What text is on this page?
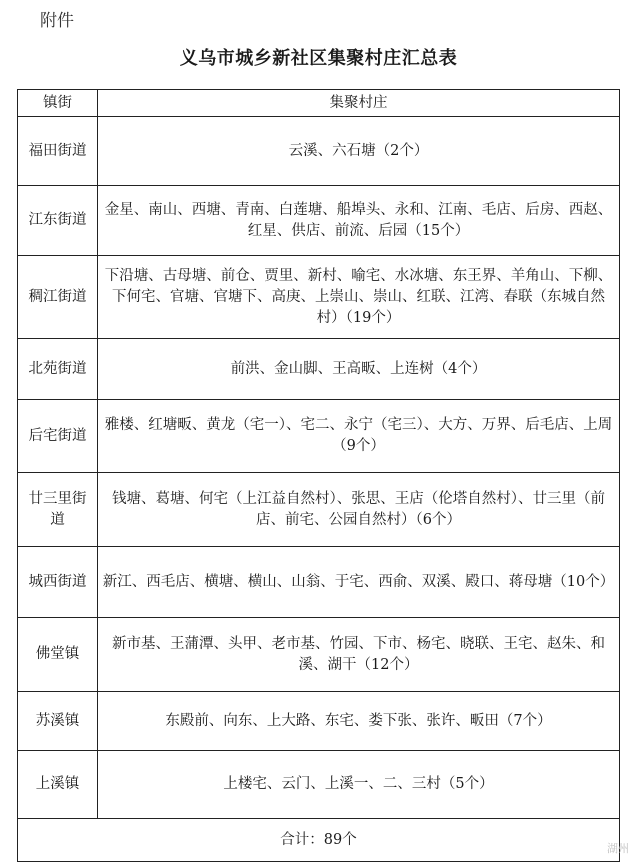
附件
义乌市城乡新社区集聚村庄汇总表
镇街	集聚村庄
福田街道	云溪、六石塘（2个）
江东街道	金星、南山、西塘、青南、白莲塘、船埠头、永和、江南、毛店、后房、西赵、红星、供店、前流、后园（15个）
稠江街道	下沿塘、古母塘、前仓、贾里、新村、喻宅、水冰塘、东王界、羊角山、下柳、下何宅、官塘、官塘下、高庚、上崇山、崇山、红联、江湾、春联（东城自然村）（19个）
北苑街道	前洪、金山脚、王高畈、上连树（4个）
后宅街道	雅楼、红塘畈、黄龙（宅一）、宅二、永宁（宅三）、大方、万界、后毛店、上周（9个）
廿三里街道	钱塘、葛塘、何宅（上江益自然村）、张思、王店（伦塔自然村）、廿三里（前店、前宅、公园自然村）（6个）
城西街道	新江、西毛店、横塘、横山、山翁、于宅、西俞、双溪、殿口、蒋母塘（10个）
佛堂镇	新市基、王蒲潭、头甲、老市基、竹园、下市、杨宅、晓联、王宅、赵朱、和溪、湖干（12个）
苏溪镇	东殿前、向东、上大路、东宅、娄下张、张许、畈田（7个）
上溪镇	上楼宅、云门、上溪一、二、三村（5个）
合计：89个	
湖州
